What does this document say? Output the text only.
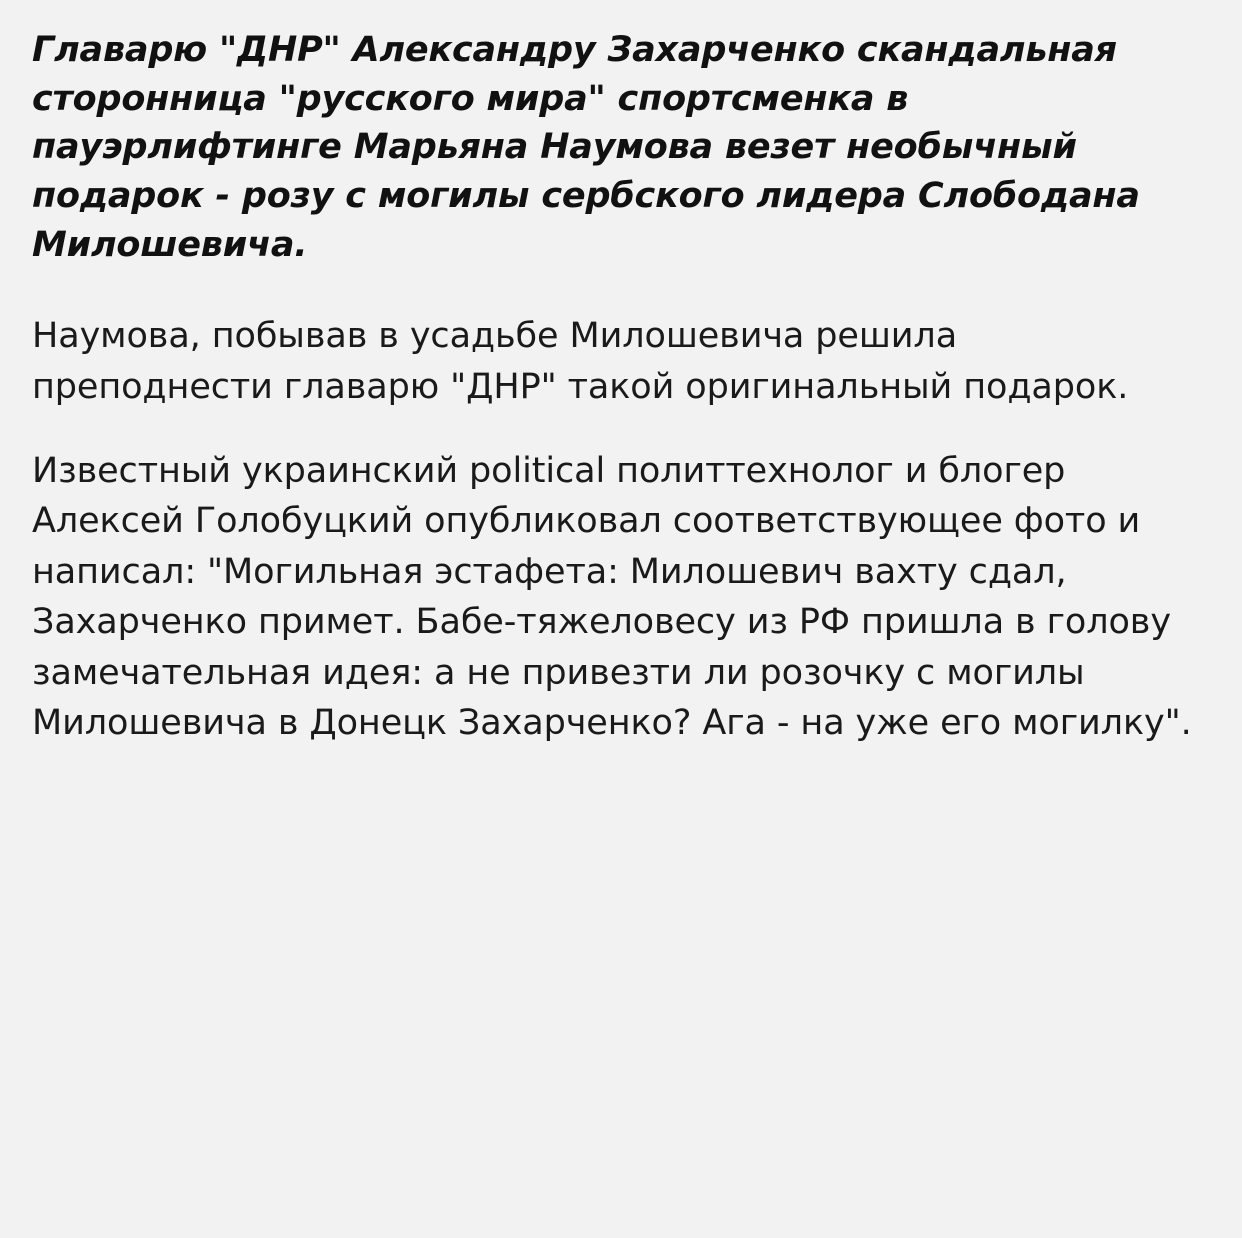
Главарю "ДНР" Александру Захарченко скандальная сторонница "русского мира" спортсменка в пауэрлифтинге Марьяна Наумова везет необычный подарок - розу с могилы сербского лидера Слободана Милошевича.

Наумова, побывав в усадьбе Милошевича решила преподнести главарю "ДНР" такой оригинальный подарок.

Известный украинский political политтехнолог и блогер Алексей Голобуцкий опубликовал соответствующее фото и написал: "Могильная эстафета: Милошевич вахту сдал, Захарченко примет. Бабе-тяжеловесу из РФ пришла в голову замечательная идея: а не привезти ли розочку с могилы Милошевича в Донецк Захарченко? Ага - на уже его могилку".
